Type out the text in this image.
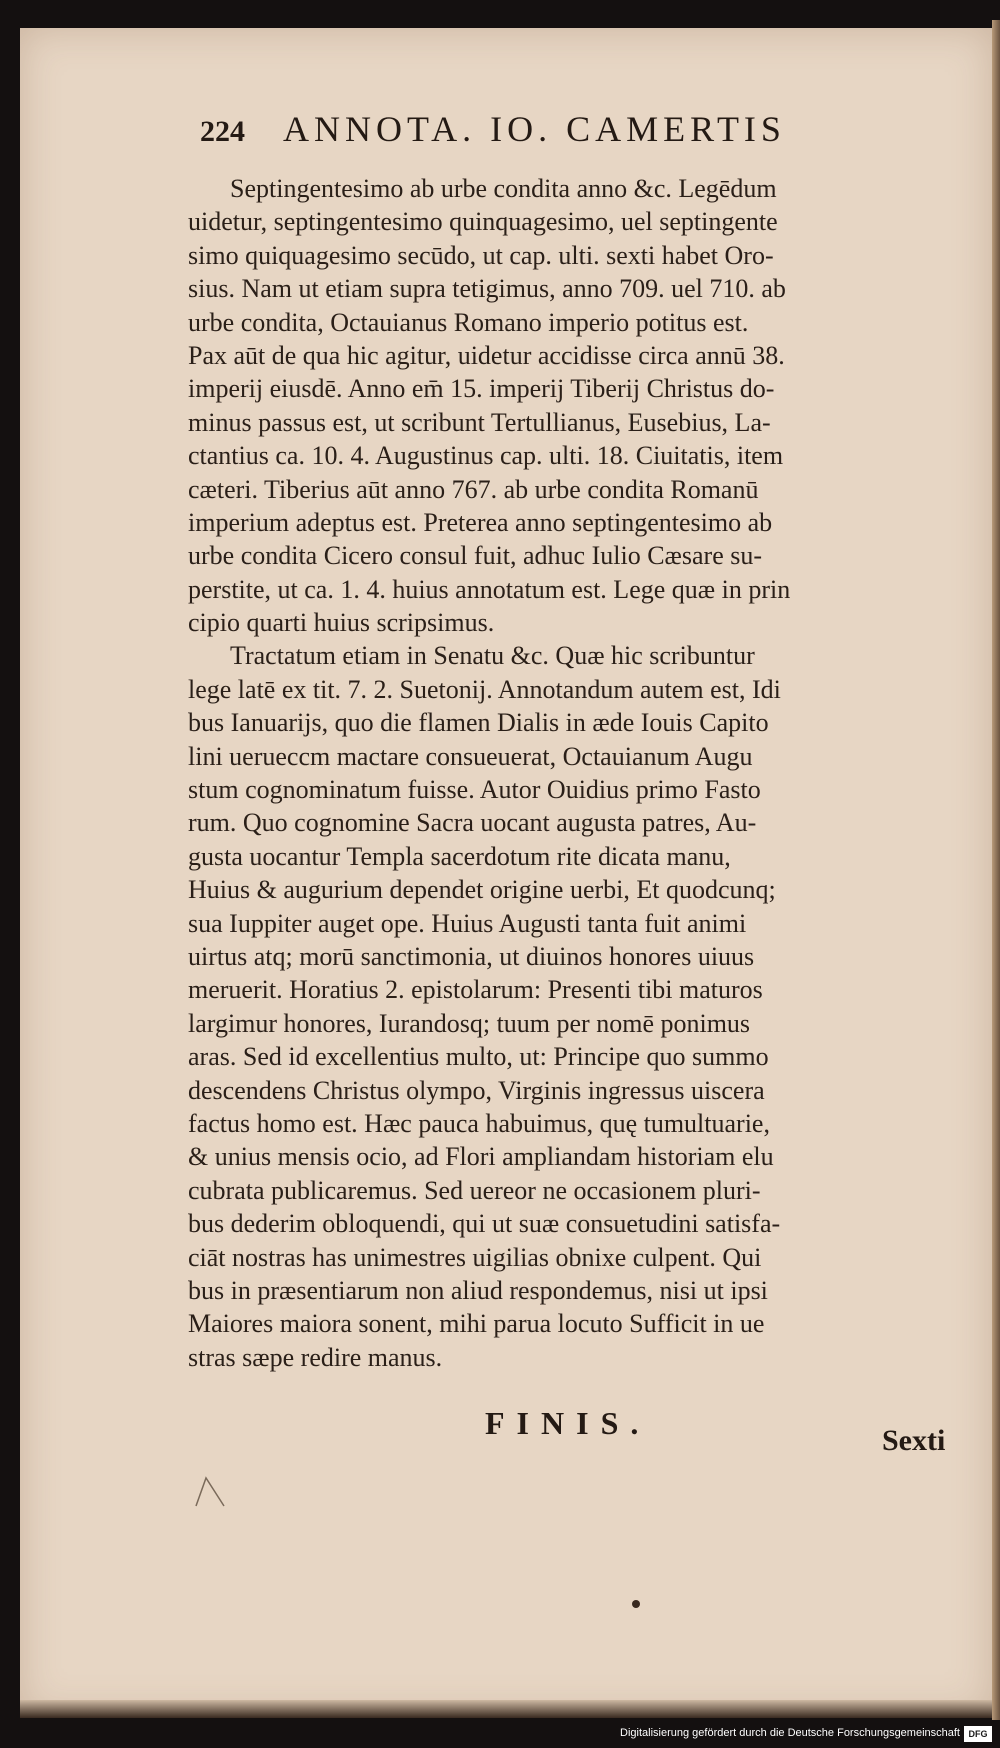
224 ANNOTA. IO. CAMERTIS
Septingentesimo ab urbe condita anno &c. Legēdum
uidetur, septingentesimo quinquagesimo, uel septingente
simo quiquagesimo secūdo, ut cap. ulti. sexti habet Oro-
sius. Nam ut etiam supra tetigimus, anno 709. uel 710. ab
urbe condita, Octauianus Romano imperio potitus est.
Pax aūt de qua hic agitur, uidetur accidisse circa annū 38.
imperij eiusdē. Anno em̄ 15. imperij Tiberij Christus do-
minus passus est, ut scribunt Tertullianus, Eusebius, La-
ctantius ca. 10. 4. Augustinus cap. ulti. 18. Ciuitatis, item
cæteri. Tiberius aūt anno 767. ab urbe condita Romanū
imperium adeptus est. Preterea anno septingentesimo ab
urbe condita Cicero consul fuit, adhuc Iulio Cæsare su-
perstite, ut ca. 1. 4. huius annotatum est. Lege quæ in prin
cipio quarti huius scripsimus.
Tractatum etiam in Senatu &c. Quæ hic scribuntur
lege latē ex tit. 7. 2. Suetonij. Annotandum autem est, Idi
bus Ianuarijs, quo die flamen Dialis in æde Iouis Capito
lini uerueccm mactare consueuerat, Octauianum Augu
stum cognominatum fuisse. Autor Ouidius primo Fasto
rum. Quo cognomine Sacra uocant augusta patres, Au-
gusta uocantur Templa sacerdotum rite dicata manu,
Huius & augurium dependet origine uerbi, Et quodcunq;
sua Iuppiter auget ope. Huius Augusti tanta fuit animi
uirtus atq; morū sanctimonia, ut diuinos honores uiuus
meruerit. Horatius 2. epistolarum: Presenti tibi maturos
largimur honores, Iurandosq; tuum per nomē ponimus
aras. Sed id excellentius multo, ut: Principe quo summo
descendens Christus olympo, Virginis ingressus uiscera
factus homo est. Hæc pauca habuimus, quę tumultuarie,
& unius mensis ocio, ad Flori ampliandam historiam elu
cubrata publicaremus. Sed uereor ne occasionem pluri-
bus dederim obloquendi, qui ut suæ consuetudini satisfa-
ciāt nostras has unimestres uigilias obnixe culpent. Qui
bus in præsentiarum non aliud respondemus, nisi ut ipsi
Maiores maiora sonent, mihi parua locuto Sufficit in ue
stras sæpe redire manus.
FINIS.	Sexti
Digitalisierung gefördert durch die Deutsche Forschungsgemeinschaft DFG
